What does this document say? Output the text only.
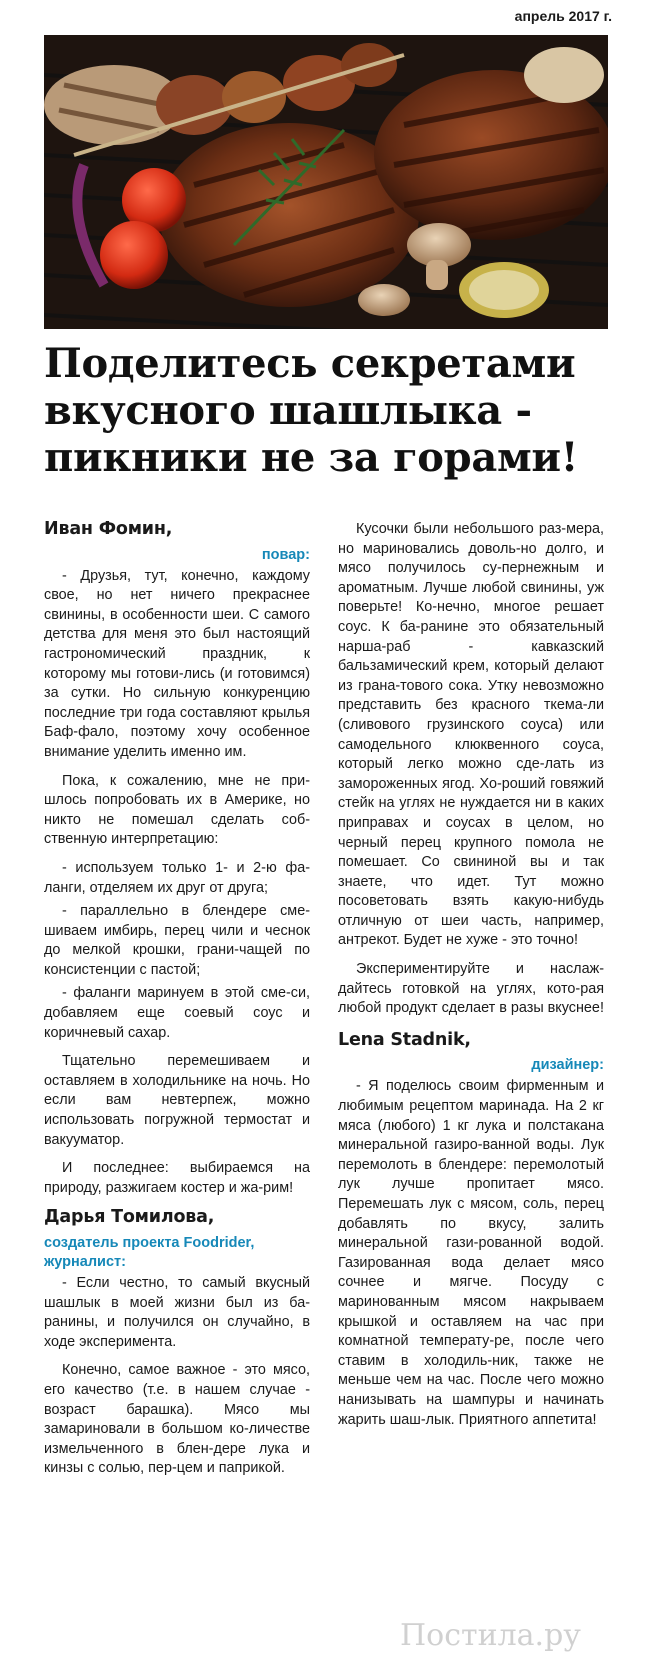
апрель 2017 г.
Поделитесь секретами
вкусного шашлыка -
пикники не за горами!
Иван Фомин,
повар:

- Друзья, тут, конечно, каждому свое, но нет ничего прекраснее свинины, в особенности шеи. С самого детства для меня это был настоящий гастрономический праздник, к которому мы готови-лись (и готовимся) за сутки. Но сильную конкуренцию последние три года составляют крылья Баф-фало, поэтому хочу особенное внимание уделить именно им.

Пока, к сожалению, мне не при-шлось попробовать их в Америке, но никто не помешал сделать соб-ственную интерпретацию:

- используем только 1- и 2-ю фа-ланги, отделяем их друг от друга;

- параллельно в блендере сме-шиваем имбирь, перец чили и чеснок до мелкой крошки, грани-чащей по консистенции с пастой;

- фаланги маринуем в этой сме-си, добавляем еще соевый соус и коричневый сахар.

Тщательно перемешиваем и оставляем в холодильнике на ночь. Но если вам невтерпеж, можно использовать погружной термостат и вакууматор.

И последнее: выбираемся на природу, разжигаем костер и жа-рим!

Дарья Томилова,
создатель проекта Foodrider,
журналист:

- Если честно, то самый вкусный шашлык в моей жизни был из ба-ранины, и получился он случайно, в ходе эксперимента.

Конечно, самое важное - это мясо, его качество (т.е. в нашем случае - возраст барашка). Мясо мы замариновали в большом ко-личестве измельченного в блен-дере лука и кинзы с солью, пер-цем и паприкой.

Кусочки были небольшого раз-мера, но мариновались доволь-но долго, и мясо получилось су-пернежным и ароматным. Лучше любой свинины, уж поверьте! Ко-нечно, многое решает соус. К ба-ранине это обязательный нарша-раб - кавказский бальзамический крем, который делают из грана-тового сока. Утку невозможно представить без красного ткема-ли (сливового грузинского соуса) или самодельного клюквенного соуса, который легко можно сде-лать из замороженных ягод. Хо-роший говяжий стейк на углях не нуждается ни в каких приправах и соусах в целом, но черный перец крупного помола не помешает. Со свининой вы и так знаете, что идет. Тут можно посоветовать взять какую-нибудь отличную от шеи часть, например, антрекот. Будет не хуже - это точно!

Экспериментируйте и наслаж-дайтесь готовкой на углях, кото-рая любой продукт сделает в разы вкуснее!

Lena Stadnik,
дизайнер:

- Я поделюсь своим фирменным и любимым рецептом маринада. На 2 кг мяса (любого) 1 кг лука и полстакана минеральной газиро-ванной воды. Лук перемолоть в блендере: перемолотый лук лучше пропитает мясо. Перемешать лук с мясом, соль, перец добавлять по вкусу, залить минеральной гази-рованной водой. Газированная вода делает мясо сочнее и мягче. Посуду с маринованным мясом накрываем крышкой и оставляем на час при комнатной температу-ре, после чего ставим в холодиль-ник, также не меньше чем на час. После чего можно нанизывать на шампуры и начинать жарить шаш-лык. Приятного аппетита!

Постила.ру
